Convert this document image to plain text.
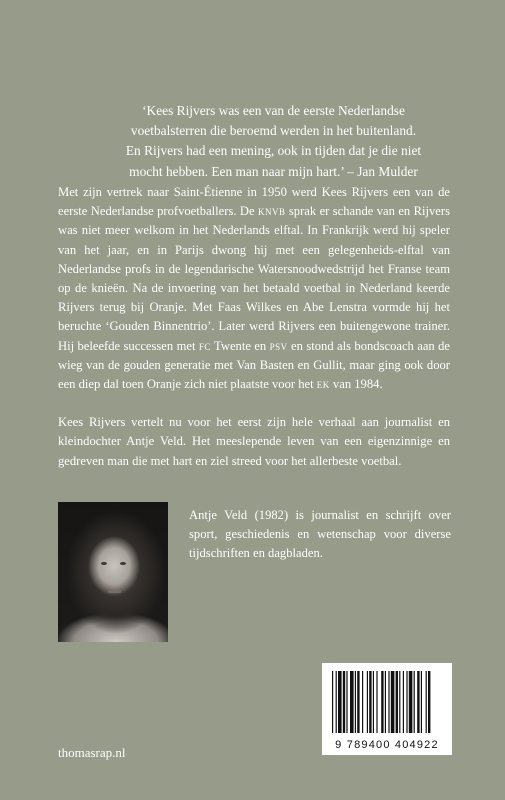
‘Kees Rijvers was een van de eerste Nederlandse

voetbalsterren die beroemd werden in het buitenland.

En Rijvers had een mening, ook in tijden dat je die niet

mocht hebben. Een man naar mijn hart.’ – Jan Mulder

Met zijn vertrek naar Saint-Étienne in 1950 werd Kees Rijvers een van de eerste Nederlandse profvoetballers. De knvb sprak er schande van en Rijvers was niet meer welkom in het Nederlands elftal. In Frankrijk werd hij speler van het jaar, en in Parijs dwong hij met een gelegenheids-elftal van Nederlandse profs in de legendarische Watersnoodwedstrijd het Franse team op de knieën. Na de invoering van het betaald voetbal in Nederland keerde Rijvers terug bij Oranje. Met Faas Wilkes en Abe Lenstra vormde hij het beruchte ‘Gouden Binnentrio’. Later werd Rijvers een buitengewone trainer. Hij beleefde successen met fc Twente en psv en stond als bondscoach aan de wieg van de gouden generatie met Van Basten en Gullit, maar ging ook door een diep dal toen Oranje zich niet plaatste voor het ek van 1984.

Kees Rijvers vertelt nu voor het eerst zijn hele verhaal aan journalist en kleindochter Antje Veld. Het meeslepende leven van een eigenzinnige en gedreven man die met hart en ziel streed voor het allerbeste voetbal.

Antje Veld (1982) is journalist en schrijft over sport, geschiedenis en wetenschap voor diverse tijdschriften en dagbladen.

9 789400 404922
thomasrap.nl
